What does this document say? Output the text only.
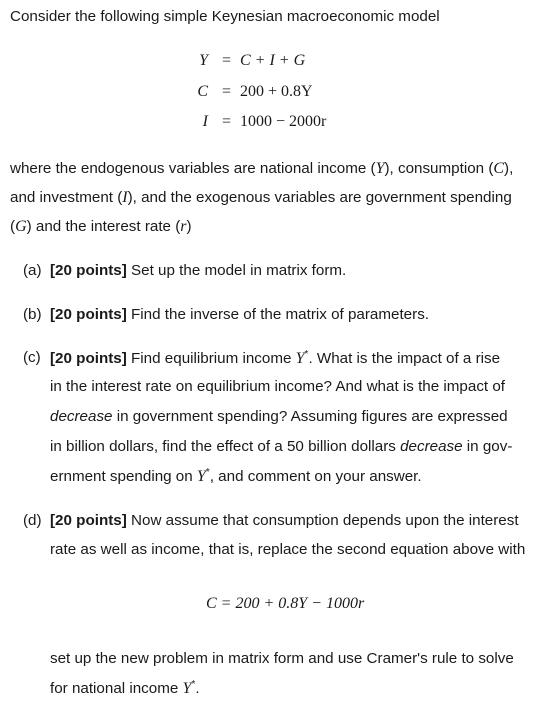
Consider the following simple Keynesian macroeconomic model
Y = C + I + G
C = 200 + 0.8Y
I = 1000 − 2000r
where the endogenous variables are national income (Y), consumption (C),
and investment (I), and the exogenous variables are government spending
(G) and the interest rate (r)
(a) [20 points] Set up the model in matrix form.
(b) [20 points] Find the inverse of the matrix of parameters.
(c) [20 points] Find equilibrium income Y*. What is the impact of a rise
in the interest rate on equilibrium income? And what is the impact of
decrease in government spending? Assuming figures are expressed
in billion dollars, find the effect of a 50 billion dollars decrease in gov-
ernment spending on Y*, and comment on your answer.
(d) [20 points] Now assume that consumption depends upon the interest
rate as well as income, that is, replace the second equation above with
C = 200 + 0.8Y − 1000r
set up the new problem in matrix form and use Cramer's rule to solve
for national income Y*.
